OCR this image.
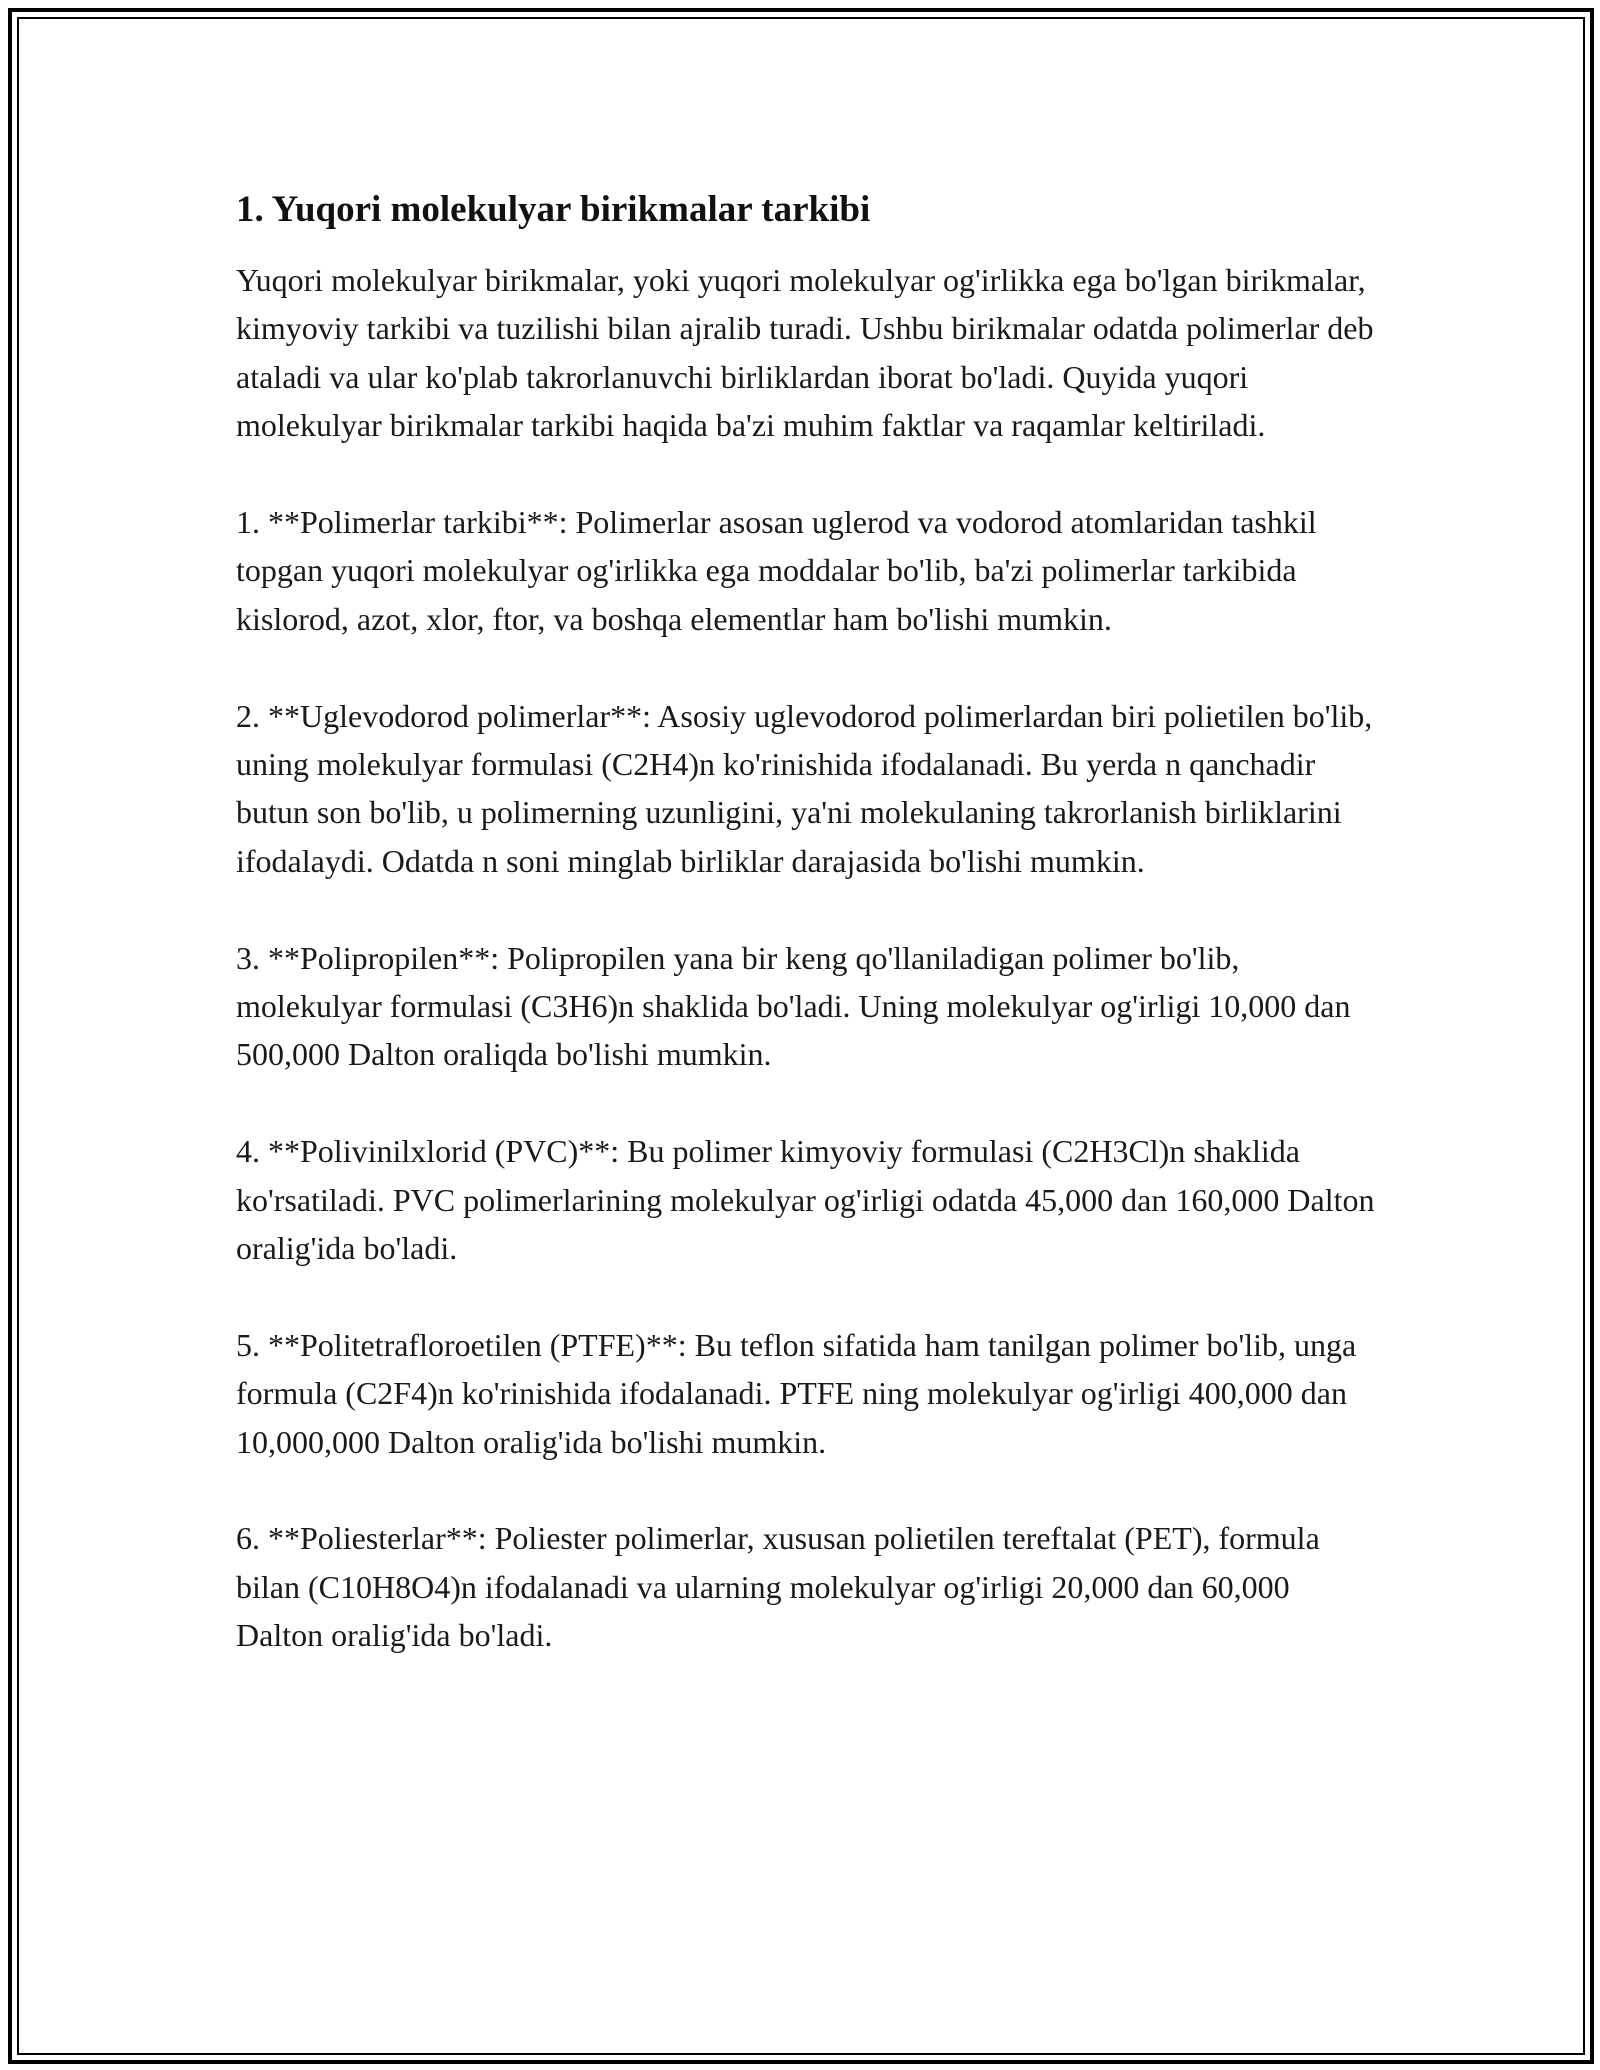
1. Yuqori molekulyar birikmalar tarkibi

Yuqori molekulyar birikmalar, yoki yuqori molekulyar og'irlikka ega bo'lgan birikmalar, kimyoviy tarkibi va tuzilishi bilan ajralib turadi. Ushbu birikmalar odatda polimerlar deb ataladi va ular ko'plab takrorlanuvchi birliklardan iborat bo'ladi. Quyida yuqori molekulyar birikmalar tarkibi haqida ba'zi muhim faktlar va raqamlar keltiriladi.

1. **Polimerlar tarkibi**: Polimerlar asosan uglerod va vodorod atomlaridan tashkil topgan yuqori molekulyar og'irlikka ega moddalar bo'lib, ba'zi polimerlar tarkibida kislorod, azot, xlor, ftor, va boshqa elementlar ham bo'lishi mumkin.

2. **Uglevodorod polimerlar**: Asosiy uglevodorod polimerlardan biri polietilen bo'lib, uning molekulyar formulasi (C2H4)n ko'rinishida ifodalanadi. Bu yerda n qanchadir butun son bo'lib, u polimerning uzunligini, ya'ni molekulaning takrorlanish birliklarini ifodalaydi. Odatda n soni minglab birliklar darajasida bo'lishi mumkin.

3. **Polipropilen**: Polipropilen yana bir keng qo'llaniladigan polimer bo'lib, molekulyar formulasi (C3H6)n shaklida bo'ladi. Uning molekulyar og'irligi 10,000 dan 500,000 Dalton oraliqda bo'lishi mumkin.

4. **Polivinilxlorid (PVC)**: Bu polimer kimyoviy formulasi (C2H3Cl)n shaklida ko'rsatiladi. PVC polimerlarining molekulyar og'irligi odatda 45,000 dan 160,000 Dalton oralig'ida bo'ladi.

5. **Politetrafloroetilen (PTFE)**: Bu teflon sifatida ham tanilgan polimer bo'lib, unga formula (C2F4)n ko'rinishida ifodalanadi. PTFE ning molekulyar og'irligi 400,000 dan 10,000,000 Dalton oralig'ida bo'lishi mumkin.

6. **Poliesterlar**: Poliester polimerlar, xususan polietilen tereftalat (PET), formula bilan (C10H8O4)n ifodalanadi va ularning molekulyar og'irligi 20,000 dan 60,000 Dalton oralig'ida bo'ladi.
